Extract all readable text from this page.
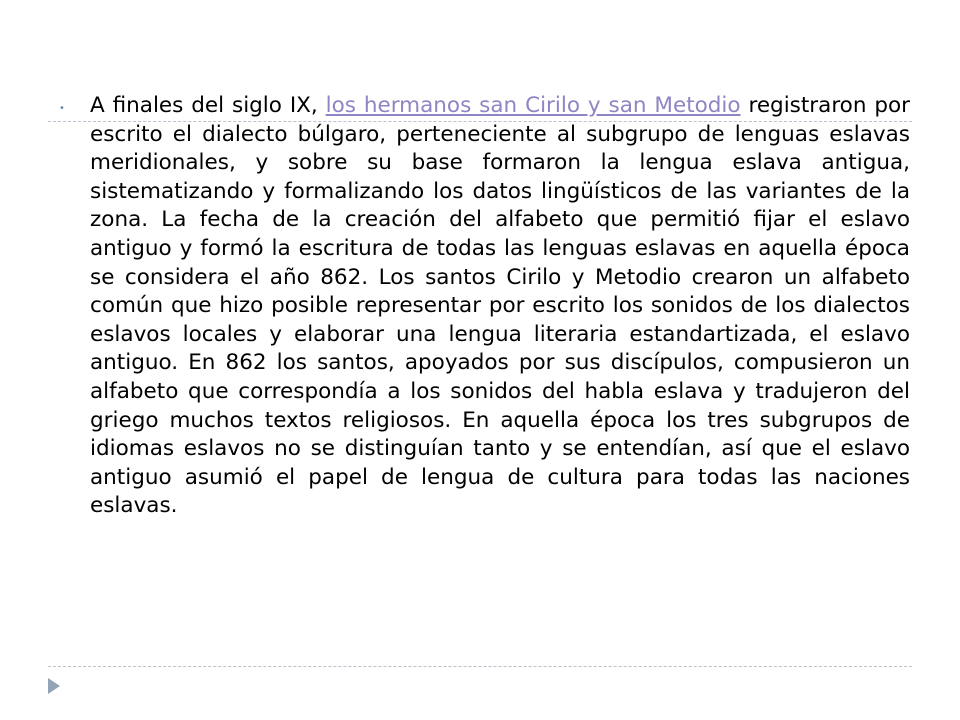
• A finales del siglo IX, los hermanos san Cirilo y san Metodio registraron por escrito el dialecto búlgaro, perteneciente al subgrupo de lenguas eslavas meridionales, y sobre su base formaron la lengua eslava antigua, sistematizando y formalizando los datos lingüísticos de las variantes de la zona. La fecha de la creación del alfabeto que permitió fijar el eslavo antiguo y formó la escritura de todas las lenguas eslavas en aquella época se considera el año 862. Los santos Cirilo y Metodio crearon un alfabeto común que hizo posible representar por escrito los sonidos de los dialectos eslavos locales y elaborar una lengua literaria estandartizada, el eslavo antiguo. En 862 los santos, apoyados por sus discípulos, compusieron un alfabeto que correspondía a los sonidos del habla eslava y tradujeron del griego muchos textos religiosos. En aquella época los tres subgrupos de idiomas eslavos no se distinguían tanto y se entendían, así que el eslavo antiguo asumió el papel de lengua de cultura para todas las naciones eslavas.
